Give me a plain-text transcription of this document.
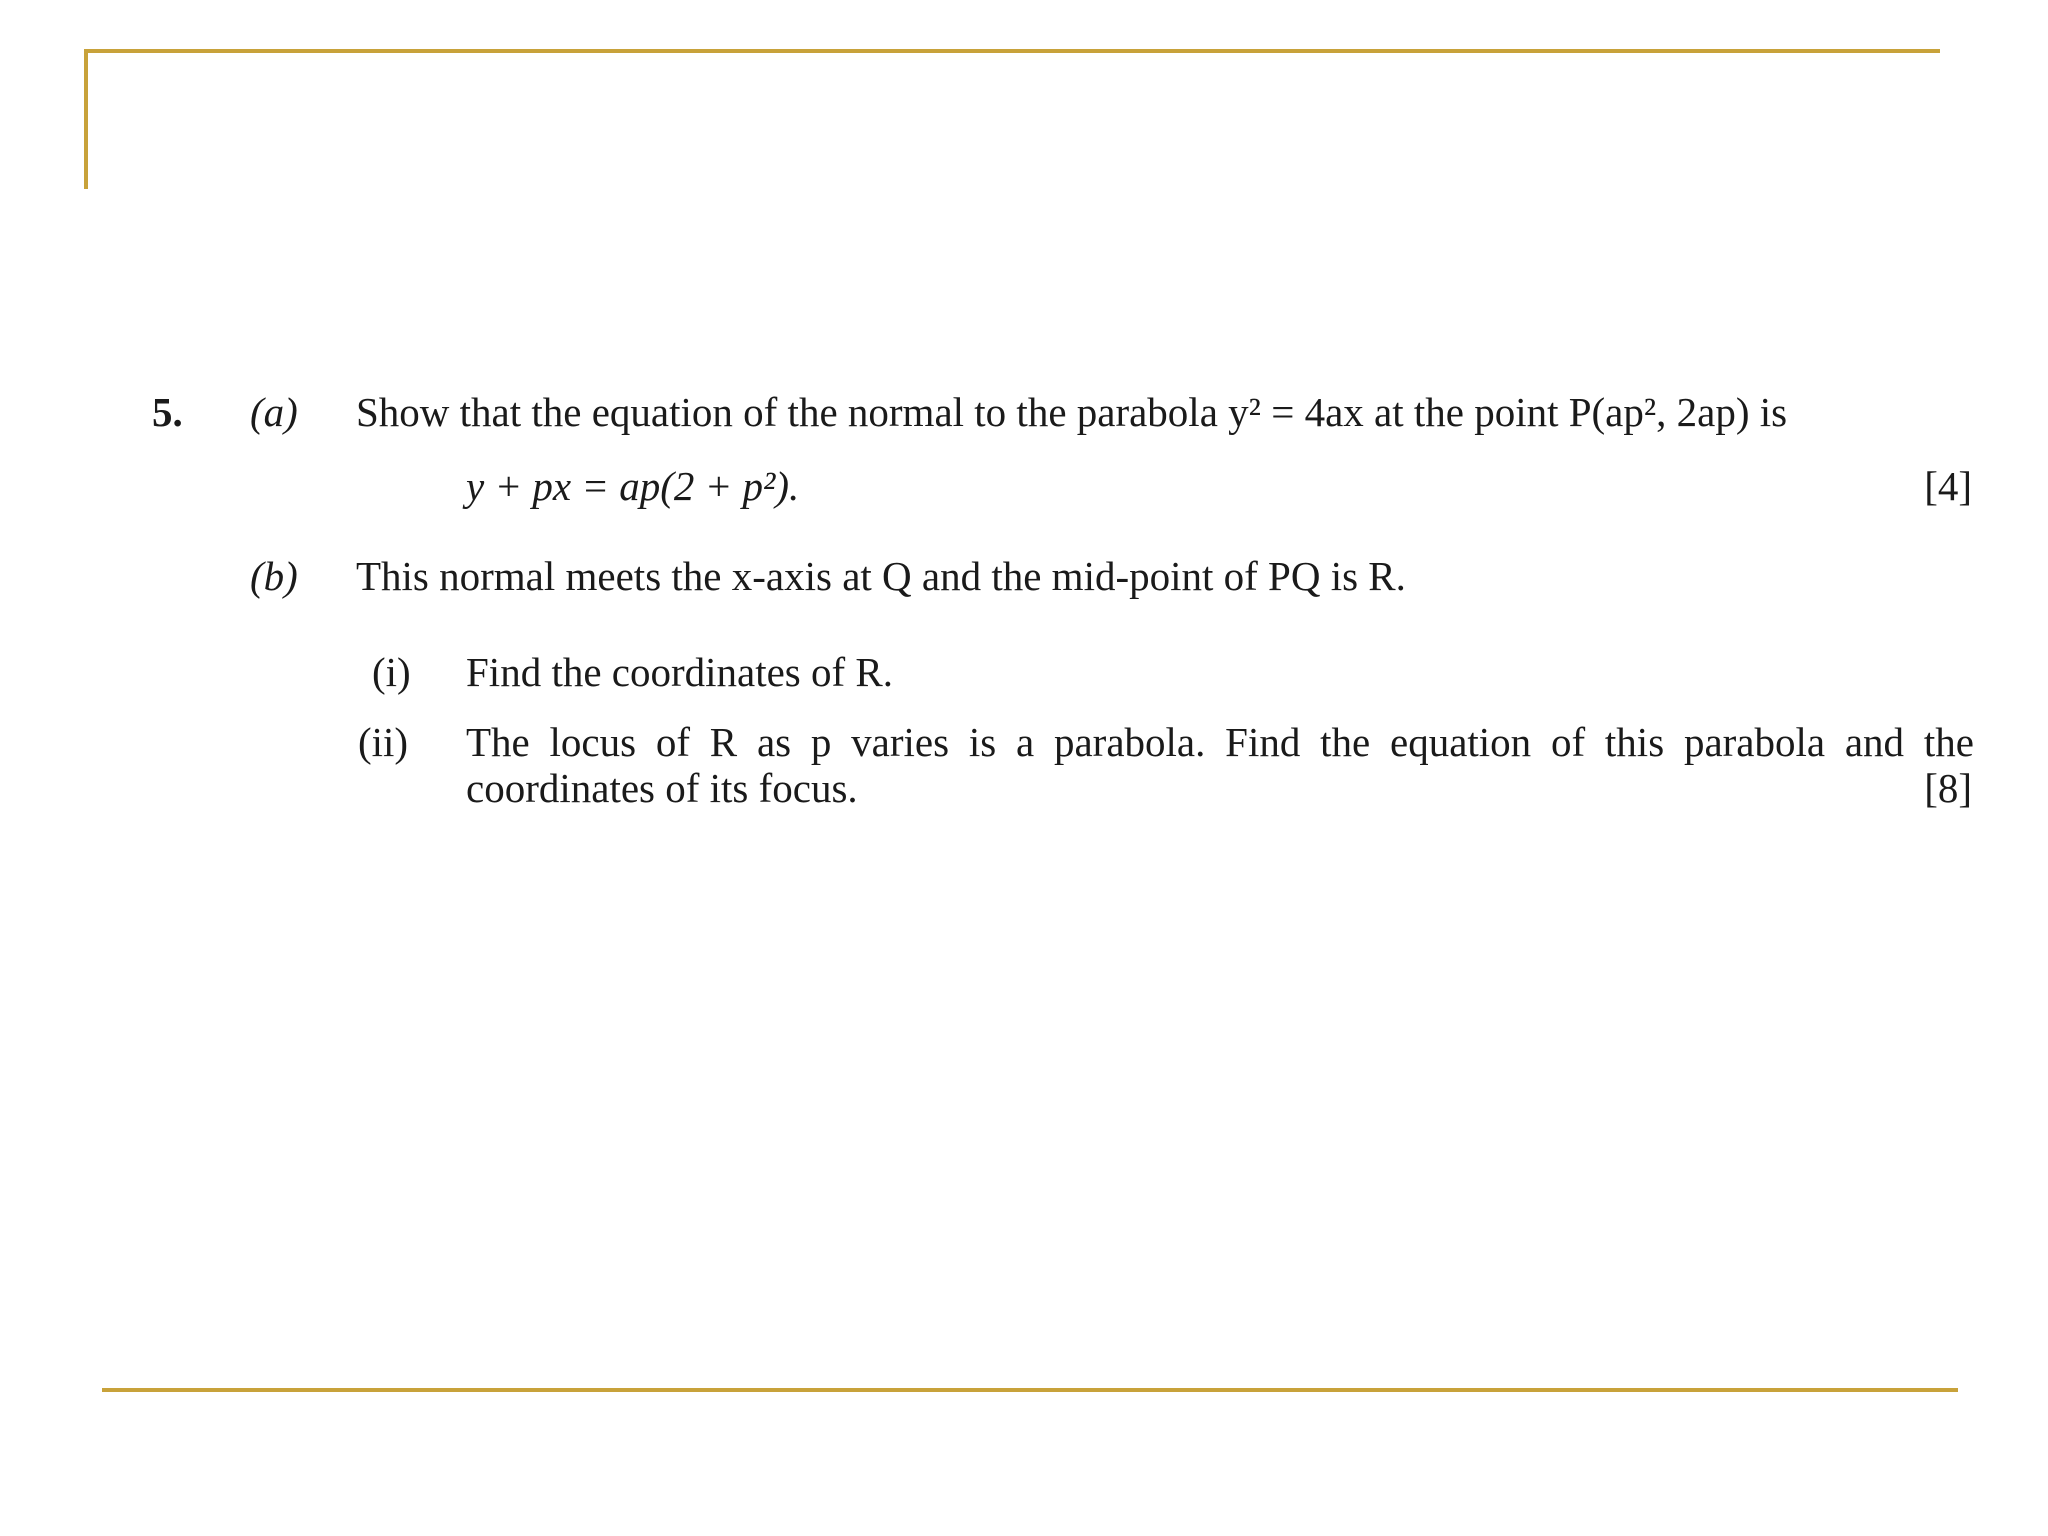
5. (a) Show that the equation of the normal to the parabola y² = 4ax at the point P(ap², 2ap) is
y + px = ap(2 + p²).	[4]
(b) This normal meets the x-axis at Q and the mid-point of PQ is R.
(i) Find the coordinates of R.
(ii) The locus of R as p varies is a parabola. Find the equation of this parabola and the
coordinates of its focus.	[8]
